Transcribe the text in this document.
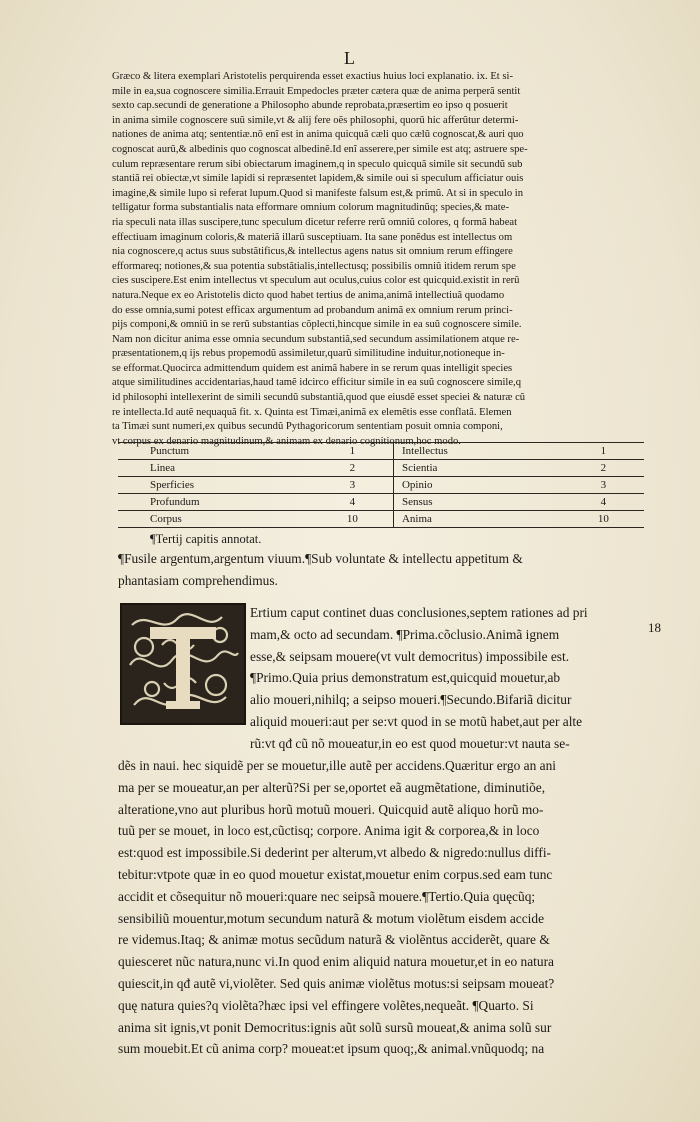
L

Græco & litera exemplari Aristotelis perquirenda esset exactius huius loci explanatio. ix. Et si-

mile in ea,sua cognoscere similia.Errauit Empedocles præter cætera quæ de anima perperã sentit

sexto cap.secundi de generatione a Philosopho abunde reprobata,præsertim eo ipso q posuerit

in anima simile cognoscere suũ simile,vt & alij fere oẽs philosophi, quorũ hic afferũtur determi-

nationes de anima atq; sententiæ.nõ enĩ est in anima quicquã cæli quo cælũ cognoscat,& auri quo

cognoscat aurũ,& albedinis quo cognoscat albedinẽ.Id enĩ asserere,per simile est atq; astruere spe-

culum repræsentare rerum sibi obiectarum imaginem,q in speculo quicquã simile sit secundũ sub

stantiã rei obiectæ,vt simile lapidi si repræsentet lapidem,& simile oui si speculum afficiatur ouis

imagine,& simile lupo si referat lupum.Quod si manifeste falsum est,& primũ. At si in speculo in

telligatur forma substantialis nata efformare omnium colorum magnitudinũq; species,& mate-

ria speculi nata illas suscipere,tunc speculum dicetur referre rerũ omniũ colores, q formã habeat

effectiuam imaginum coloris,& materiã illarũ susceptiuam. Ita sane ponẽdus est intellectus om

nia cognoscere,q actus suus substãtificus,& intellectus agens natus sit omnium rerum effingere

efformareq; notiones,& sua potentia substãtialis,intellectusq; possibilis omniũ itidem rerum spe

cies suscipere.Est enim intellectus vt speculum aut oculus,cuius color est quicquid.existit in rerũ

natura.Neque ex eo Aristotelis dicto quod habet tertius de anima,animã intellectiuã quodamo

do esse omnia,sumi potest efficax argumentum ad probandum animã ex omnium rerum princi-

pijs componi,& omniũ in se rerũ substantias cõplecti,hincque simile in ea suũ cognoscere simile.

Nam non dicitur anima esse omnia secundum substantiã,sed secundum assimilationem atque re-

præsentationem,q ijs rebus propemodũ assimiletur,quarũ similitudine induitur,notioneque in-

se efformat.Quocirca admittendum quidem est animã habere in se rerum quas intelligit species

atque similitudines accidentarias,haud tamẽ idcirco efficitur simile in ea suũ cognoscere simile,q

id philosophi intellexerint de simili secundũ substantiã,quod que eiusdẽ esset speciei & naturæ cũ

re intellecta.Id autẽ nequaquã fit. x. Quinta est Timæi,animã ex elemẽtis esse conflatã. Elemen

ta Timæi sunt numeri,ex quibus secundũ Pythagoricorum sententiam posuit omnia componi,

vt corpus ex denario magnitudinum,& animam ex denario cognitionum,hoc modo.

Punctum	1	Intellectus	1
Linea	2	Scientia	2
Sperficies	3	Opinio	3
Profundum	4	Sensus	4
Corpus	10	Anima	10
¶Tertij capitis annotat.

¶Fusile argentum,argentum viuum.¶Sub voluntate & intellectu appetitum &

phantasiam comprehendimus.

18

Ertium caput continet duas conclusiones,septem rationes ad pri

mam,& octo ad secundam. ¶Prima.cõclusio.Animã ignem

esse,& seipsam mouere(vt vult democritus) impossibile est.

¶Primo.Quia prius demonstratum est,quicquid mouetur,ab

alio moueri,nihilq; a seipso moueri.¶Secundo.Bifariã dicitur

aliquid moueri:aut per se:vt quod in se motũ habet,aut per alte

rũ:vt qđ cũ nõ moueatur,in eo est quod mouetur:vt nauta se-

dẽs in naui. hec siquidẽ per se mouetur,ille autẽ per accidens.Quæritur ergo an ani

ma per se moueatur,an per alterũ?Si per se,oportet eã augmẽtatione, diminutiõe,

alteratione,vno aut pluribus horũ motuũ moueri. Quicquid autẽ aliquo horũ mo-

tuũ per se mouet, in loco est,cũctisq; corpore. Anima igit & corporea,& in loco

est:quod est impossibile.Si dederint per alterum,vt albedo & nigredo:nullus diffi-

tebitur:vtpote quæ in eo quod mouetur existat,mouetur enim corpus.sed eam tunc

accidit et cõsequitur nõ moueri:quare nec seipsã mouere.¶Tertio.Quia quęcũq;

sensibiliũ mouentur,motum secundum naturã & motum violẽtum eisdem accide

re videmus.Itaq; & animæ motus secũdum naturã & violẽntus acciderẽt, quare &

quiesceret nũc natura,nunc vi.In quod enim aliquid natura mouetur,et in eo natura

quiescit,in qđ autẽ vi,violẽter. Sed quis animæ violẽtus motus:si seipsam moueat?

quę natura quies?q violẽta?hæc ipsi vel effingere volẽtes,nequeãt. ¶Quarto. Si

anima sit ignis,vt ponit Democritus:ignis aũt solũ sursũ moueat,& anima solũ sur

sum mouebit.Et cũ anima corp? moueat:et ipsum quoq;,& animal.vnũquodq; na
